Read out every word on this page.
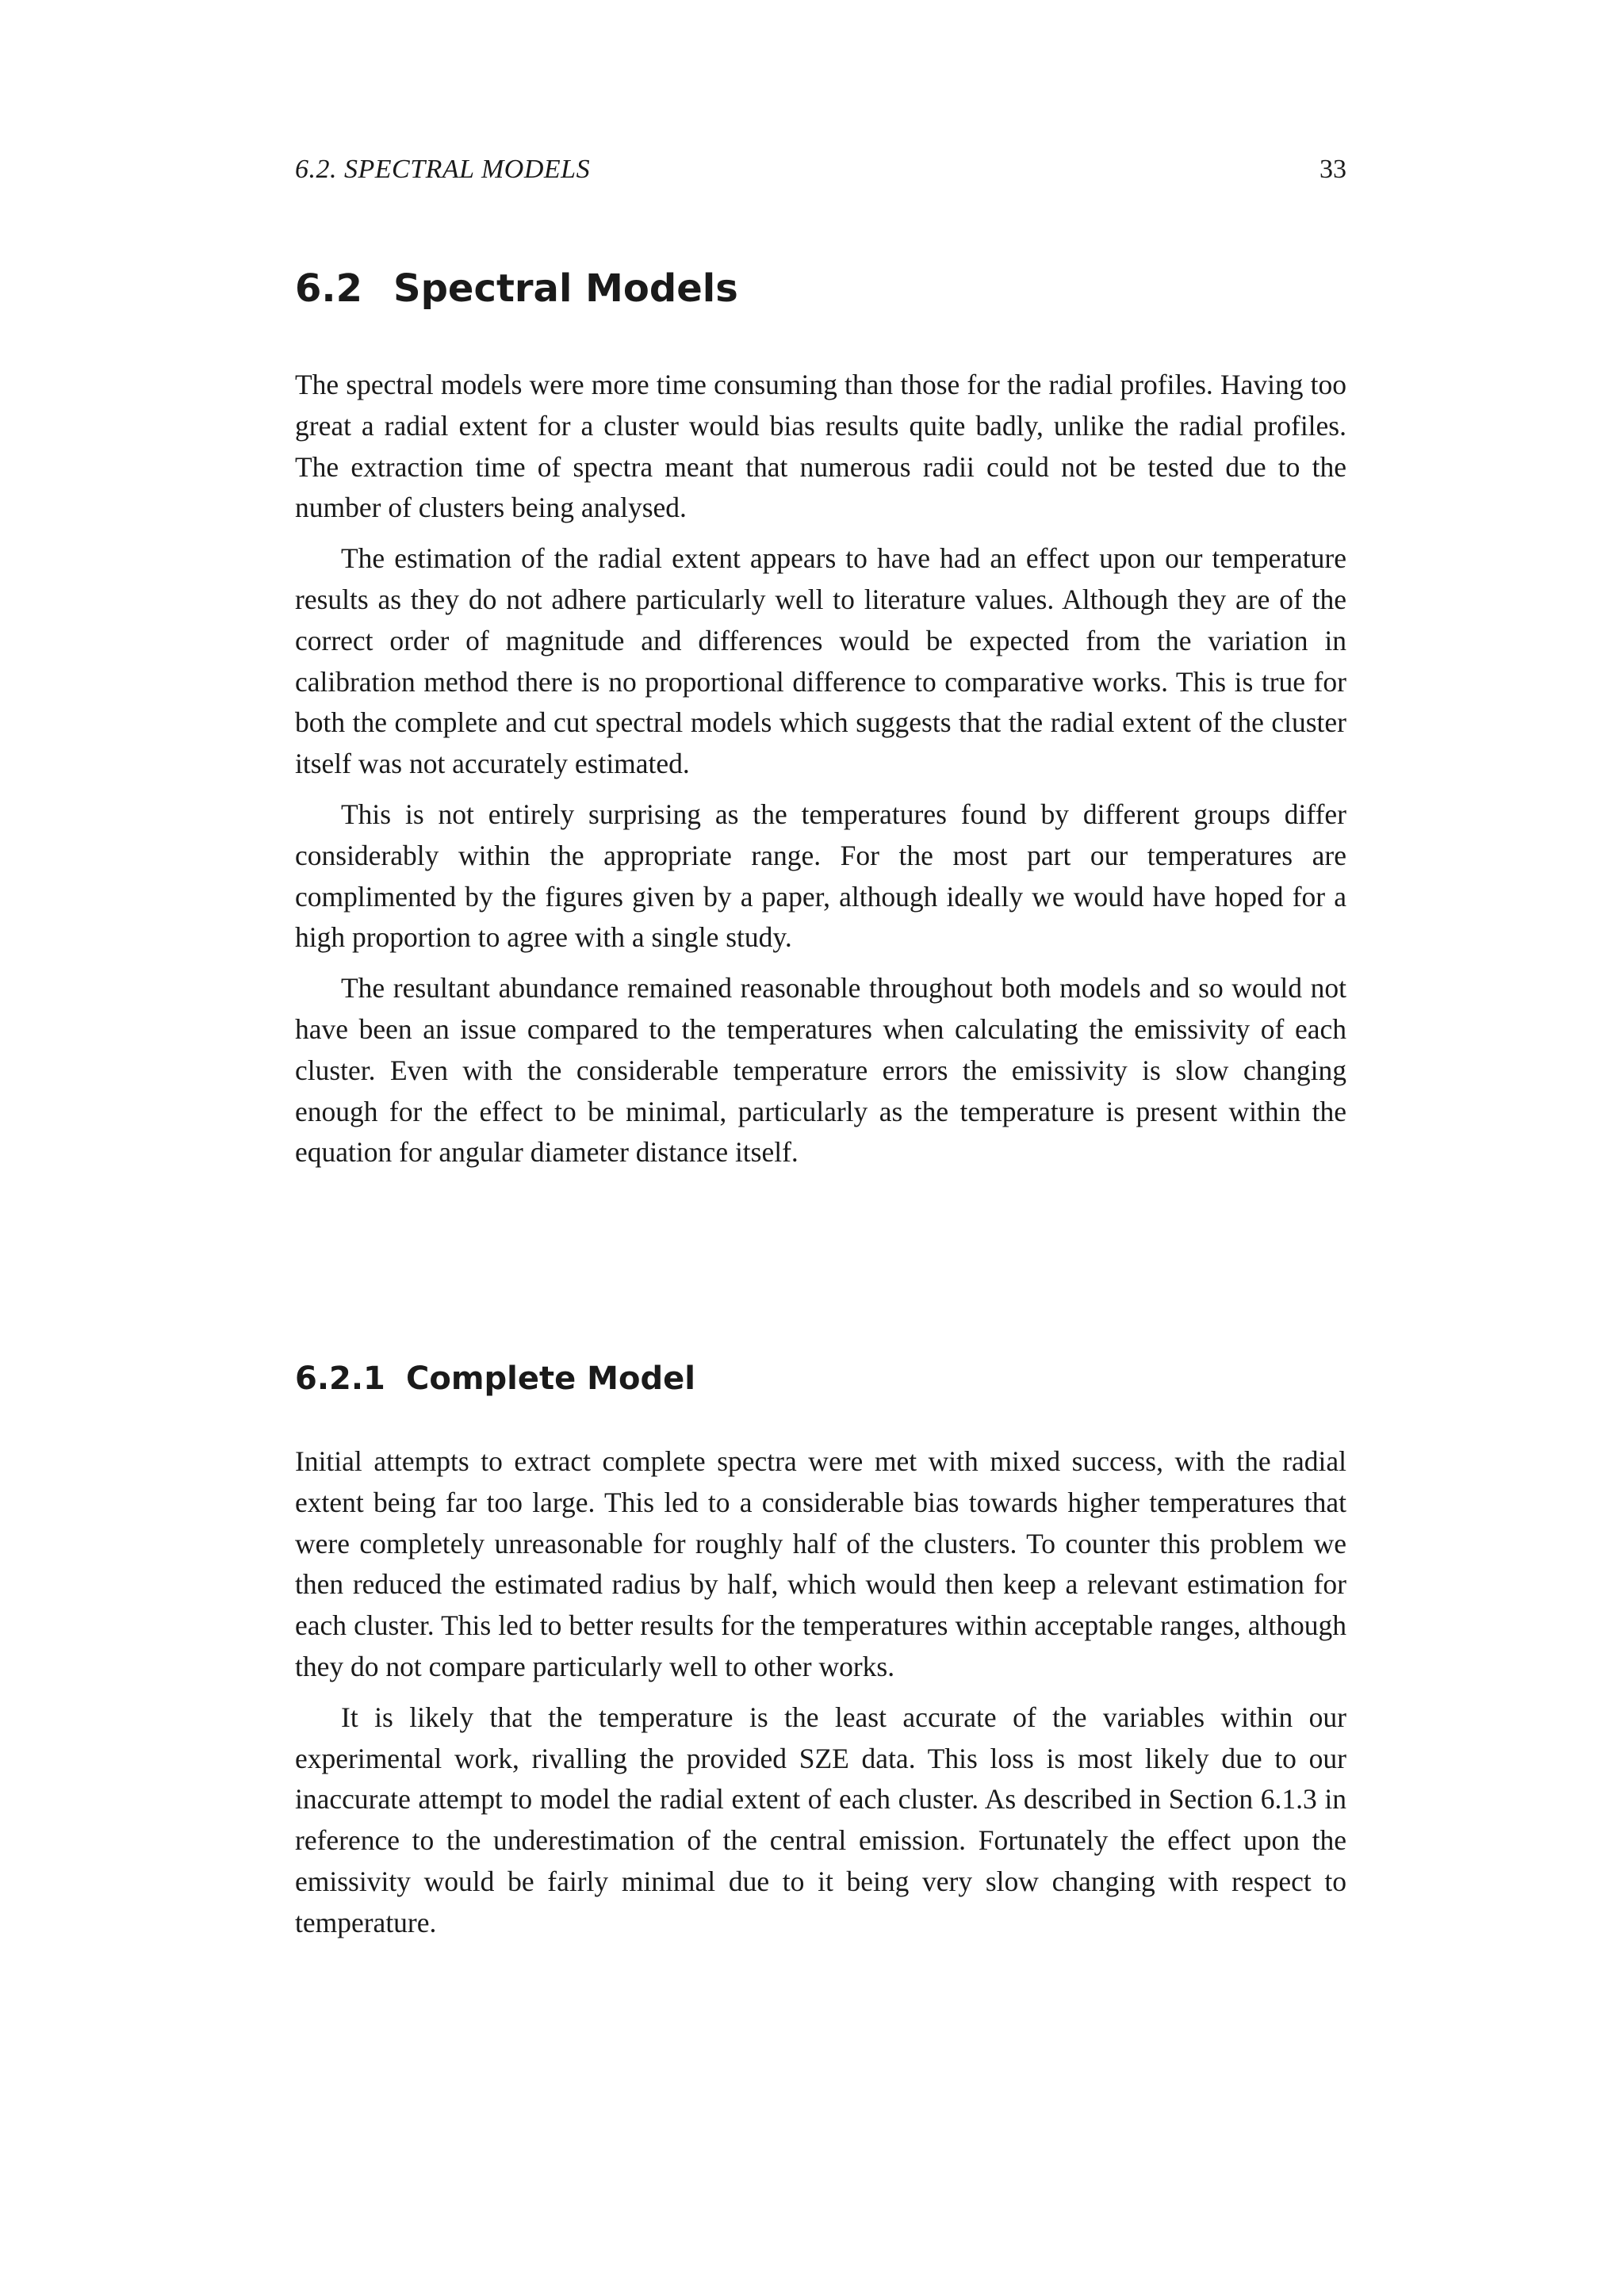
6.2. SPECTRAL MODELS	33
6.2 Spectral Models

The spectral models were more time consuming than those for the radial profiles. Having too great a radial extent for a cluster would bias results quite badly, unlike the radial profiles. The extraction time of spectra meant that numerous radii could not be tested due to the number of clusters being analysed.

The estimation of the radial extent appears to have had an effect upon our temperature results as they do not adhere particularly well to literature values. Although they are of the correct order of magnitude and differences would be expected from the variation in calibration method there is no proportional difference to comparative works. This is true for both the complete and cut spectral models which suggests that the radial extent of the cluster itself was not accurately estimated.

This is not entirely surprising as the temperatures found by different groups differ considerably within the appropriate range. For the most part our temperatures are complimented by the figures given by a paper, although ideally we would have hoped for a high proportion to agree with a single study.

The resultant abundance remained reasonable throughout both models and so would not have been an issue compared to the temperatures when calculating the emissivity of each cluster. Even with the considerable temperature errors the emissivity is slow changing enough for the effect to be minimal, particularly as the temperature is present within the equation for angular diameter distance itself.

6.2.1 Complete Model

Initial attempts to extract complete spectra were met with mixed success, with the radial extent being far too large. This led to a considerable bias towards higher temperatures that were completely unreasonable for roughly half of the clusters. To counter this problem we then reduced the estimated radius by half, which would then keep a relevant estimation for each cluster. This led to better results for the temperatures within acceptable ranges, although they do not compare particularly well to other works.

It is likely that the temperature is the least accurate of the variables within our experimental work, rivalling the provided SZE data. This loss is most likely due to our inaccurate attempt to model the radial extent of each cluster. As described in Section 6.1.3 in reference to the underestimation of the central emission. Fortunately the effect upon the emissivity would be fairly minimal due to it being very slow changing with respect to temperature.
